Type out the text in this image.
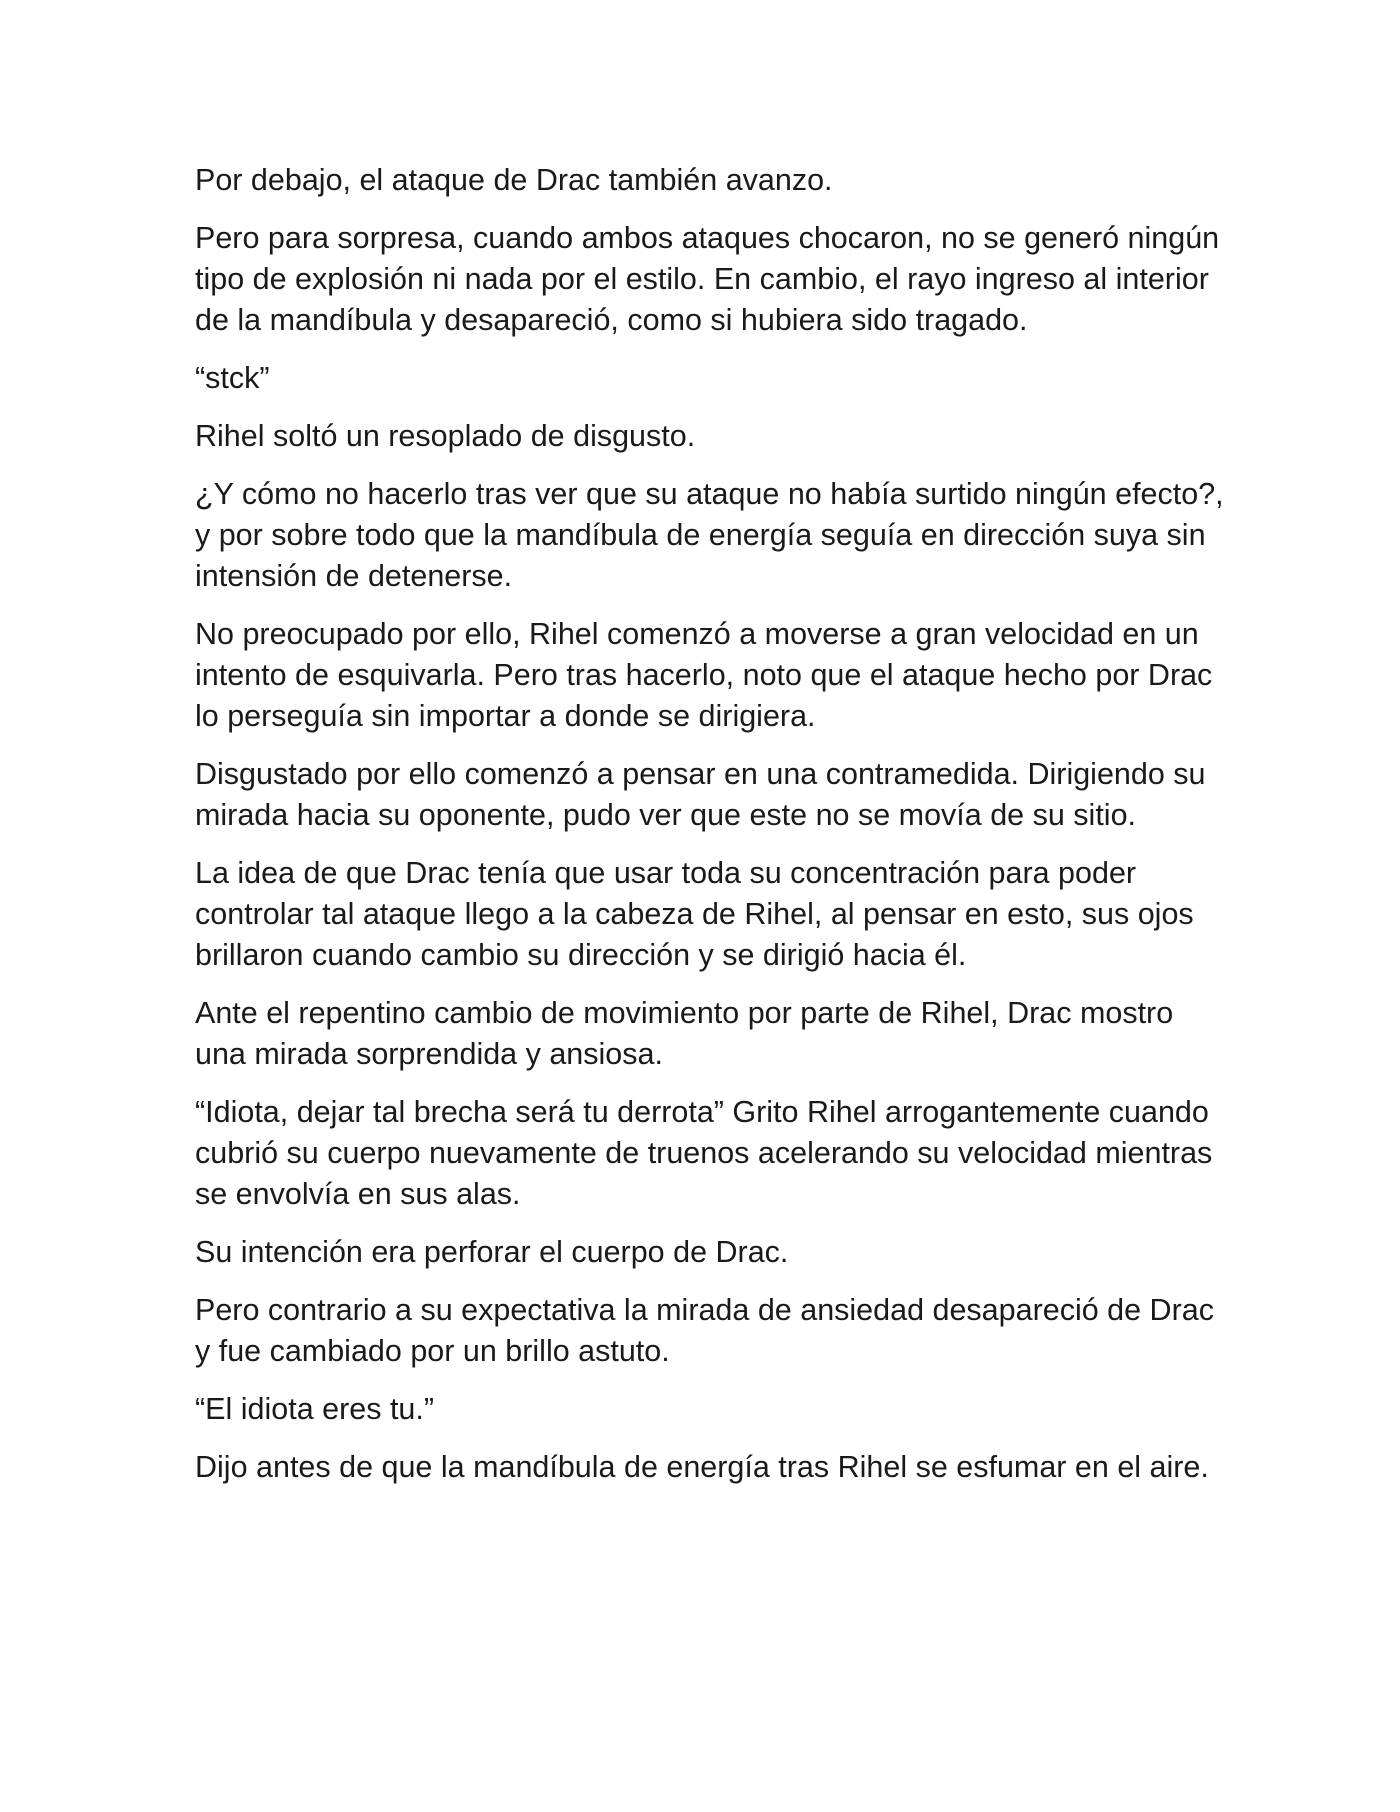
Por debajo, el ataque de Drac también avanzo.

Pero para sorpresa, cuando ambos ataques chocaron, no se generó ningún tipo de explosión ni nada por el estilo. En cambio, el rayo ingreso al interior de la mandíbula y desapareció, como si hubiera sido tragado.

“stck”

Rihel soltó un resoplado de disgusto.

¿Y cómo no hacerlo tras ver que su ataque no había surtido ningún efecto?, y por sobre todo que la mandíbula de energía seguía en dirección suya sin intensión de detenerse.

No preocupado por ello, Rihel comenzó a moverse a gran velocidad en un intento de esquivarla. Pero tras hacerlo, noto que el ataque hecho por Drac lo perseguía sin importar a donde se dirigiera.

Disgustado por ello comenzó a pensar en una contramedida. Dirigiendo su mirada hacia su oponente, pudo ver que este no se movía de su sitio.

La idea de que Drac tenía que usar toda su concentración para poder controlar tal ataque llego a la cabeza de Rihel, al pensar en esto, sus ojos brillaron cuando cambio su dirección y se dirigió hacia él.

Ante el repentino cambio de movimiento por parte de Rihel, Drac mostro una mirada sorprendida y ansiosa.

“Idiota, dejar tal brecha será tu derrota” Grito Rihel arrogantemente cuando cubrió su cuerpo nuevamente de truenos acelerando su velocidad mientras se envolvía en sus alas.

Su intención era perforar el cuerpo de Drac.

Pero contrario a su expectativa la mirada de ansiedad desapareció de Drac y fue cambiado por un brillo astuto.

“El idiota eres tu.”

Dijo antes de que la mandíbula de energía tras Rihel se esfumar en el aire.
